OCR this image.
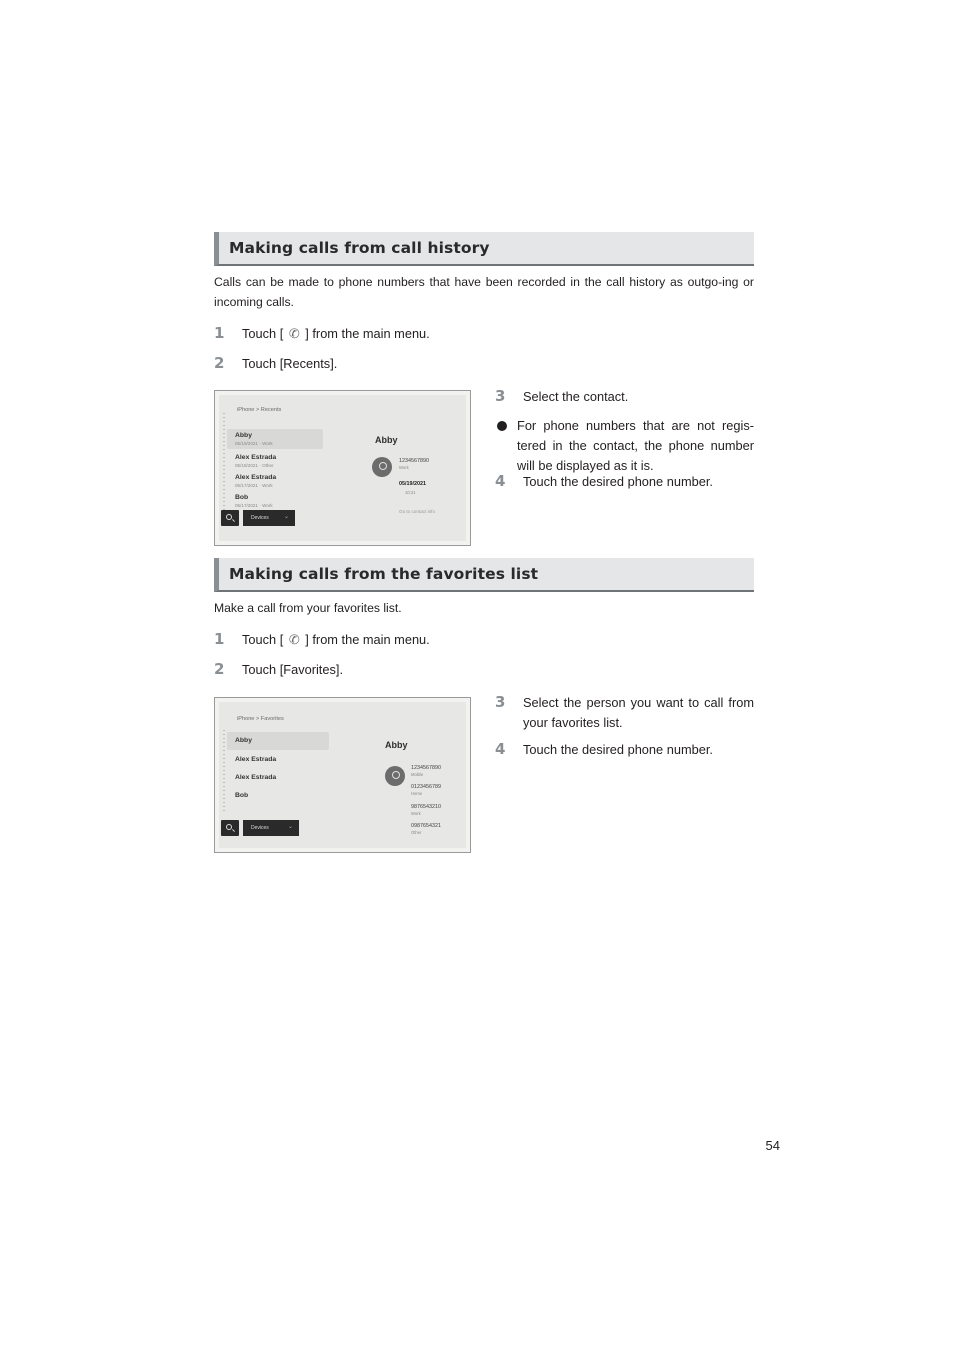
Making calls from call history

Calls can be made to phone numbers that have been recorded in the call history as outgo-ing or incoming calls.

1	Touch [ ✆ ] from the main menu.
2	Touch [Recents].
iPhone > Recents
Abby
05/19/2021 · Work
Alex Estrada
05/18/2021 · Other
Alex Estrada
05/17/2021 · Work
Bob
05/17/2021 · Work
Abby
1234567890
Work
05/19/2021
10:21
Go to contact info
Devices	⌄
3	Select the contact.
For phone numbers that are not regis-tered in the contact, the phone number will be displayed as it is.
4	Touch the desired phone number.
Making calls from the favorites list

Make a call from your favorites list.

1	Touch [ ✆ ] from the main menu.
2	Touch [Favorites].
iPhone > Favorites
Abby
Alex Estrada
Alex Estrada
Bob
Abby
1234567890
Mobile
0123456789
Home
9876543210
Work
0987654321
Other
Devices	⌄
3	Select the person you want to call from your favorites list.
4	Touch the desired phone number.
54
